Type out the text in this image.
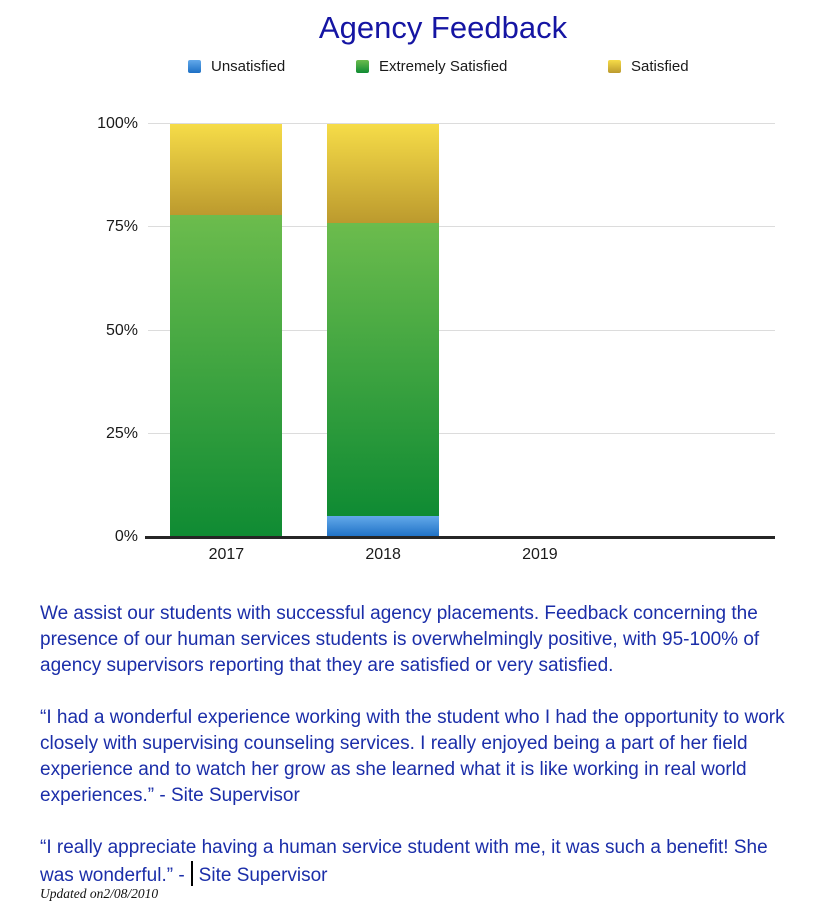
Agency Feedback
Unsatisfied	Extremely Satisfied	Satisfied
0%
25%
50%
75%
100%
2017	2018	2019

We assist our students with successful agency placements. Feedback concerning the presence of our human services students is overwhelmingly positive, with 95-100% of agency supervisors reporting that they are satisfied or very satisfied.

“I had a wonderful experience working with the student who I had the opportunity to work closely with supervising counseling services. I really enjoyed being a part of her field experience and to watch her grow as she learned what it is like working in real world experiences.” - Site Supervisor

“I really appreciate having a human service student with me, it was such a benefit! She was wonderful.” - Site Supervisor

Updated on2/08/2010
